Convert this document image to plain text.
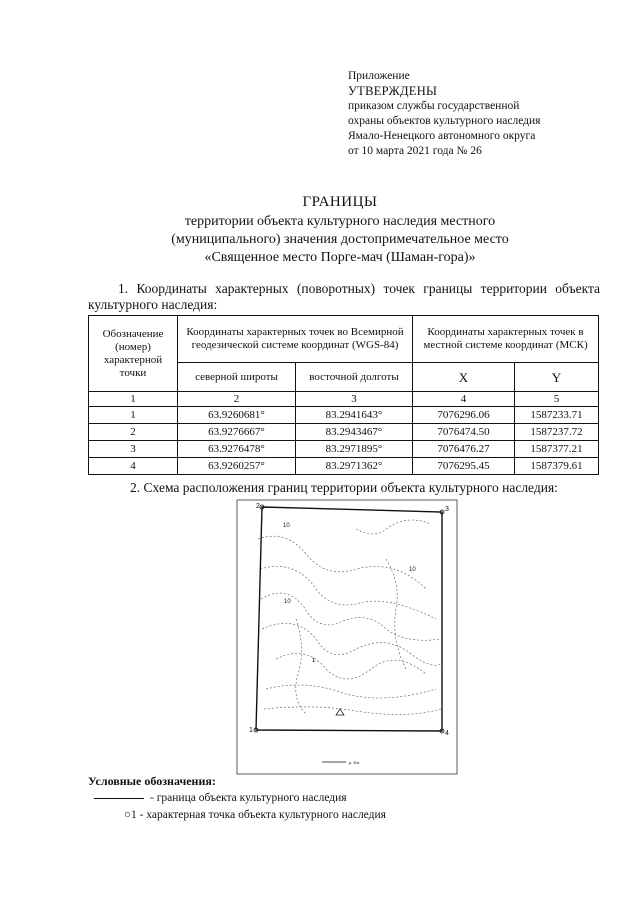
Приложение
УТВЕРЖДЕНЫ
приказом службы государственной
охраны объектов культурного наследия
Ямало-Ненецкого автономного округа
от 10 марта 2021 года № 26
ГРАНИЦЫ
территории объекта культурного наследия местного
(муниципального) значения достопримечательное место
«Священное место Порге-мач (Шаман-гора)»
1. Координаты характерных (поворотных) точек границы территории объекта культурного наследия:
Обозначение (номер) характерной точки	Координаты характерных точек во Всемирной геодезической системе координат (WGS-84)		Координаты характерных точек в местной системе координат (МСК)	
	северной широты	восточной долготы	X	Y
1	2	3	4	5
1	63.9260681°	83.2941643°	7076296.06	1587233.71
2	63.9276667°	83.2943467°	7076474.50	1587237.72
3	63.9276478°	83.2971895°	7076476.27	1587377.21
4	63.9260257°	83.2971362°	7076295.45	1587379.61
2. Схема расположения границ территории объекта культурного наследия:
2	3
1	4
10
10
10
1
р. Бог
Условные обозначения:
- граница объекта культурного наследия
○1 - характерная точка объекта культурного наследия
